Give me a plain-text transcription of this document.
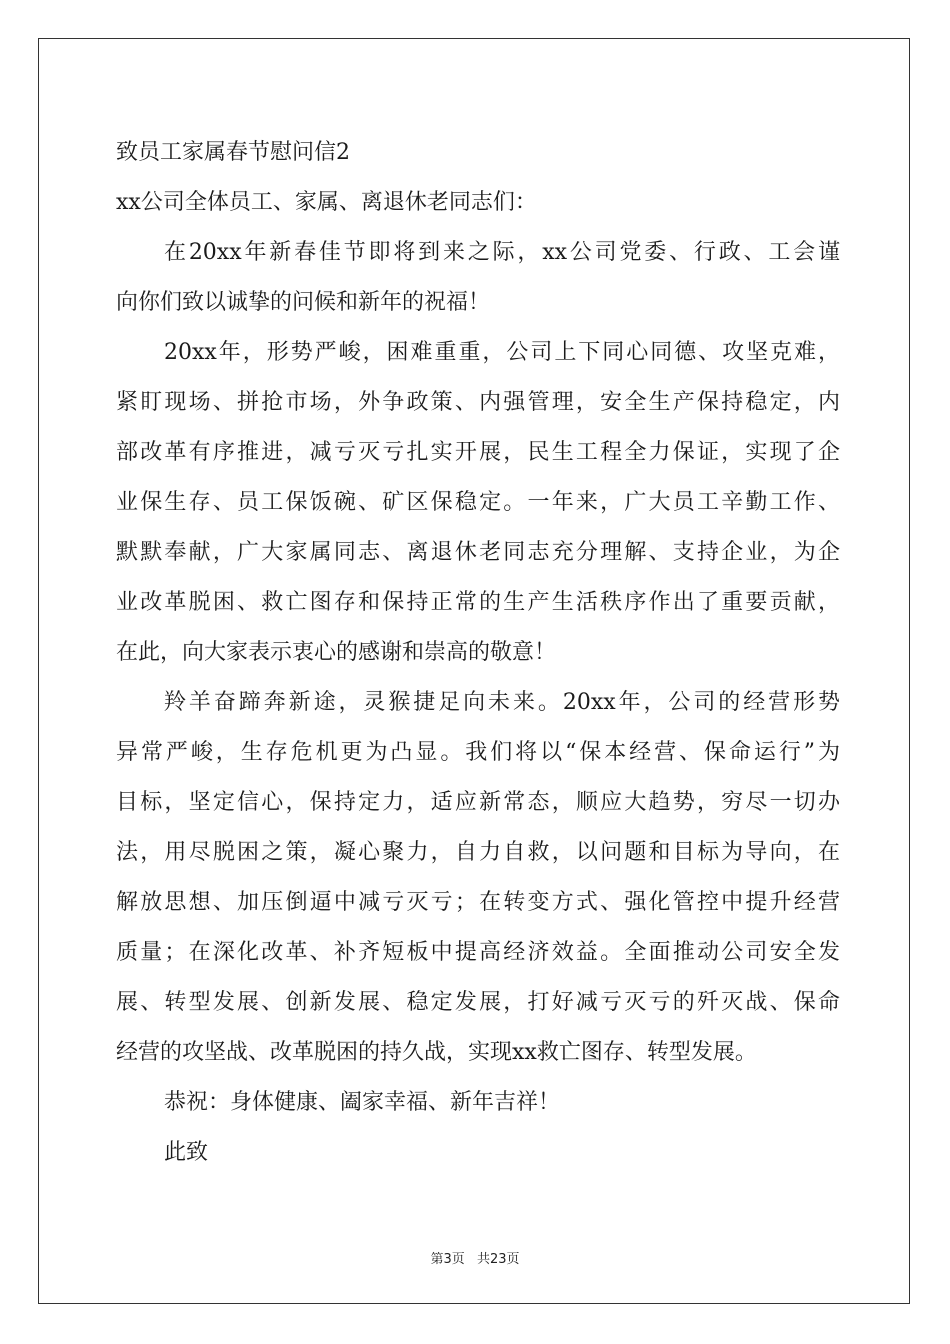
致员工家属春节慰问信2
xx公司全体员工、家属、离退休老同志们：
在20xx年新春佳节即将到来之际，xx公司党委、行政、工会谨
向你们致以诚挚的问候和新年的祝福！
20xx年，形势严峻，困难重重，公司上下同心同德、攻坚克难，
紧盯现场、拼抢市场，外争政策、内强管理，安全生产保持稳定，内
部改革有序推进，减亏灭亏扎实开展，民生工程全力保证，实现了企
业保生存、员工保饭碗、矿区保稳定。一年来，广大员工辛勤工作、
默默奉献，广大家属同志、离退休老同志充分理解、支持企业，为企
业改革脱困、救亡图存和保持正常的生产生活秩序作出了重要贡献，
在此，向大家表示衷心的感谢和崇高的敬意！
羚羊奋蹄奔新途，灵猴捷足向未来。20xx年，公司的经营形势
异常严峻，生存危机更为凸显。我们将以“保本经营、保命运行”为
目标，坚定信心，保持定力，适应新常态，顺应大趋势，穷尽一切办
法，用尽脱困之策，凝心聚力，自力自救，以问题和目标为导向，在
解放思想、加压倒逼中减亏灭亏；在转变方式、强化管控中提升经营
质量；在深化改革、补齐短板中提高经济效益。全面推动公司安全发
展、转型发展、创新发展、稳定发展，打好减亏灭亏的歼灭战、保命
经营的攻坚战、改革脱困的持久战，实现xx救亡图存、转型发展。
恭祝：身体健康、阖家幸福、新年吉祥！
此致
第3页 共23页
